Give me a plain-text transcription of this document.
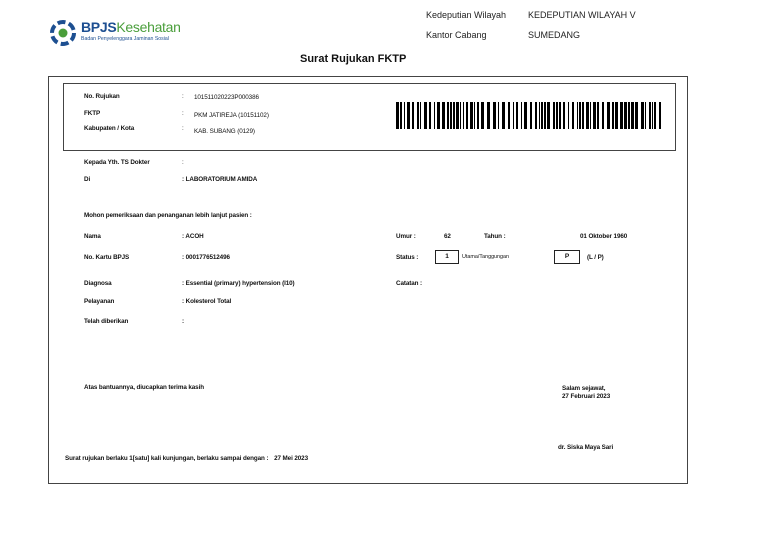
BPJSKesehatan
Badan Penyelenggara Jaminan Sosial
Kedeputian Wilayah KEDEPUTIAN WILAYAH V
Kantor Cabang	SUMEDANG
Surat Rujukan FKTP
No. Rujukan	: 101511020223P000386
FKTP	: PKM JATIREJA (10151102)
Kabupaten / Kota	: KAB. SUBANG (0129)
Kepada Yth. TS Dokter	:
Di	: LABORATORIUM AMIDA
Mohon pemeriksaan dan penanganan lebih lanjut pasien :
Nama	: ACOH
No. Kartu BPJS	: 0001776512496
Diagnosa	: Essential (primary) hypertension (I10)
Pelayanan	: Kolesterol Total
Telah diberikan	:
Umur :	62	Tahun :	01 Oktober 1960
Status :	1	Utama/Tanggungan	P	(L / P)
Catatan :
Atas bantuannya, diucapkan terima kasih	Salam sejawat,
27 Februari 2023
dr. Siska Maya Sari
Surat rujukan berlaku 1[satu] kali kunjungan, berlaku sampai dengan : 27 Mei 2023
